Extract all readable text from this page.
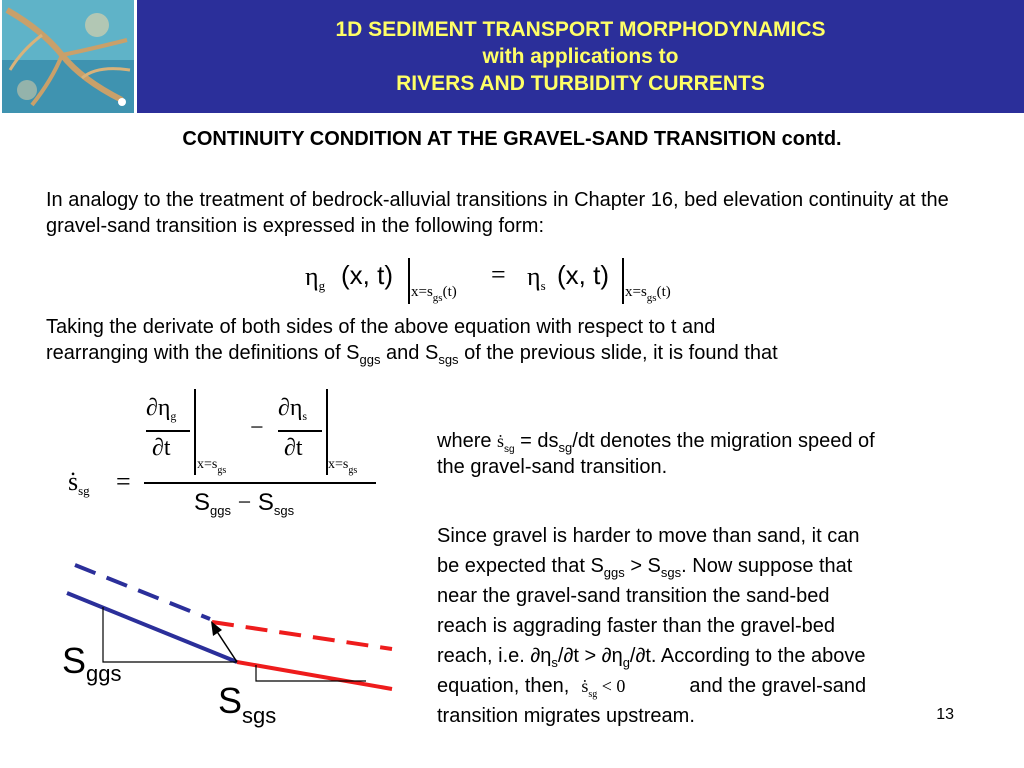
1D SEDIMENT TRANSPORT MORPHODYNAMICS
with applications to
RIVERS AND TURBIDITY CURRENTS
CONTINUITY CONDITION AT THE GRAVEL-SAND TRANSITION contd.
In analogy to the treatment of bedrock-alluvial transitions in Chapter 16, bed elevation continuity at the gravel-sand transition is expressed in the following form:
$\eta_g$ (x, t)
$x=s_{gs}(t)$
= $\eta_s$ (x, t)
$x=s_{gs}(t)$
Taking the derivate of both sides of the above equation with respect to t and
rearranging with the definitions of $S_{ggs}$ and $S_{sgs}$ of the previous slide, it is found that
ṡ$_{sg}$ =
$\partial\eta_g$
∂t
$x=s_{gs}$
−
$\partial\eta_s$
∂t
$x=s_{gs}$
$S_{ggs} - S_{sgs}$
where ṡ$_{sg}$ = $ds_{sg}/dt$ denotes the migration speed of
the gravel-sand transition.
Since gravel is harder to move than sand, it can
be expected that $S_{ggs} > S_{sgs}$. Now suppose that
near the gravel-sand transition the sand-bed
reach is aggrading faster than the gravel-bed
reach, i.e. $\partial\eta_s/\partial t > \partial\eta_g/\partial t$. According to the above
equation, then, ṡ$_{sg}$ < 0	and the gravel-sand
transition migrates upstream.
$S_{ggs}$
$S_{sgs}$	13
